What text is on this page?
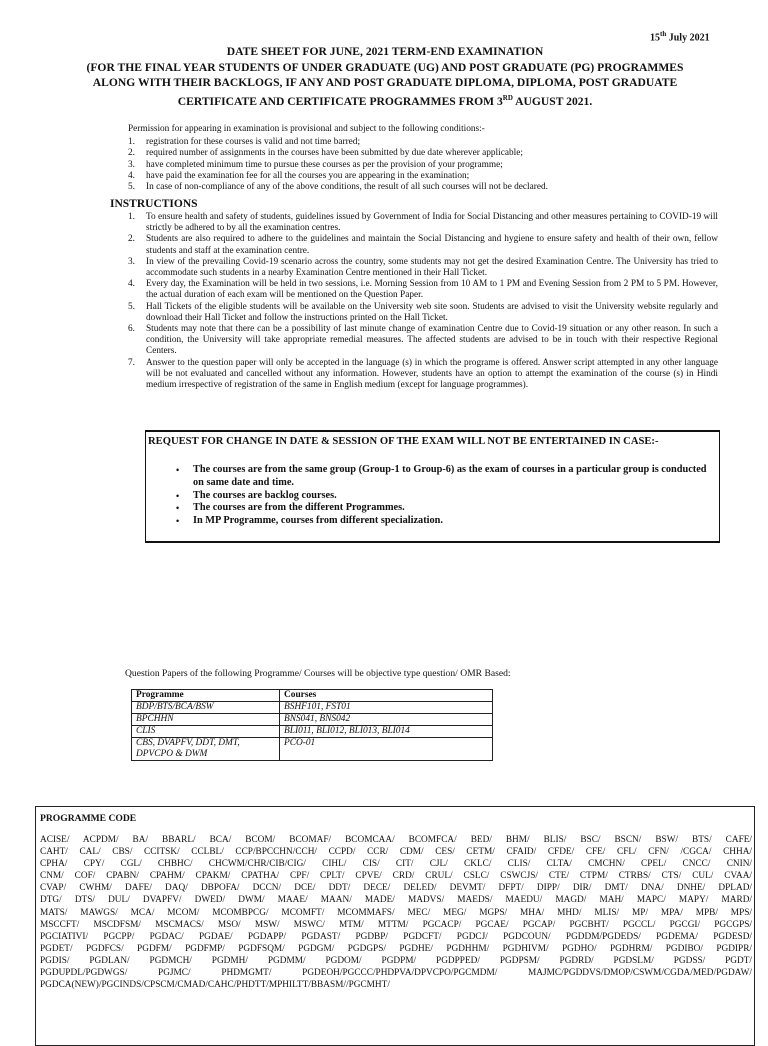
15th July 2021
DATE SHEET FOR JUNE, 2021 TERM-END EXAMINATION
(FOR THE FINAL YEAR STUDENTS OF UNDER GRADUATE (UG) AND POST GRADUATE (PG) PROGRAMMES
ALONG WITH THEIR BACKLOGS, IF ANY AND POST GRADUATE DIPLOMA, DIPLOMA, POST GRADUATE
CERTIFICATE AND CERTIFICATE PROGRAMMES FROM 3RD AUGUST 2021.
Permission for appearing in examination is provisional and subject to the following conditions:-
1.	registration for these courses is valid and not time barred;
2.	required number of assignments in the courses have been submitted by due date wherever applicable;
3.	have completed minimum time to pursue these courses as per the provision of your programme;
4.	have paid the examination fee for all the courses you are appearing in the examination;
5.	In case of non-compliance of any of the above conditions, the result of all such courses will not be declared.
INSTRUCTIONS
1.	To ensure health and safety of students, guidelines issued by Government of India for Social Distancing and other measures pertaining to COVID-19 will strictly be adhered to by all the examination centres.
2.	Students are also required to adhere to the guidelines and maintain the Social Distancing and hygiene to ensure safety and health of their own, fellow students and staff at the examination centre.
3.	In view of the prevailing Covid-19 scenario across the country, some students may not get the desired Examination Centre. The University has tried to accommodate such students in a nearby Examination Centre mentioned in their Hall Ticket.
4.	Every day, the Examination will be held in two sessions, i.e. Morning Session from 10 AM to 1 PM and Evening Session from 2 PM to 5 PM. However, the actual duration of each exam will be mentioned on the Question Paper.
5.	Hall Tickets of the eligible students will be available on the University web site soon. Students are advised to visit the University website regularly and download their Hall Ticket and follow the instructions printed on the Hall Ticket.
6.	Students may note that there can be a possibility of last minute change of examination Centre due to Covid-19 situation or any other reason. In such a condition, the University will take appropriate remedial measures. The affected students are advised to be in touch with their respective Regional Centers.
7.	Answer to the question paper will only be accepted in the language (s) in which the programe is offered. Answer script attempted in any other language will be not evaluated and cancelled without any information. However, students have an option to attempt the examination of the course (s) in Hindi medium irrespective of registration of the same in English medium (except for language programmes).
REQUEST FOR CHANGE IN DATE & SESSION OF THE EXAM WILL NOT BE ENTERTAINED IN CASE:-
•	The courses are from the same group (Group-1 to Group-6) as the exam of courses in a particular group is conducted on same date and time.
•	The courses are backlog courses.
•	The courses are from the different Programmes.
•	In MP Programme, courses from different specialization.
Question Papers of the following Programme/ Courses will be objective type question/ OMR Based:
Programme	Courses
BDP/BTS/BCA/BSW	BSHF101, FST01
BPCHHN	BNS041, BNS042
CLIS	BLI011, BLI012, BLI013, BLI014
CBS, DVAPFV, DDT, DMT, DPVCPO & DWM	PCO-01
PROGRAMME CODE
ACISE/ ACPDM/ BA/ BBARL/ BCA/ BCOM/ BCOMAF/ BCOMCAA/ BCOMFCA/ BED/ BHM/ BLIS/ BSC/ BSCN/ BSW/ BTS/ CAFE/
CAHT/ CAL/ CBS/ CCITSK/ CCLBL/ CCP/BPCCHN/CCH/ CCPD/ CCR/ CDM/ CES/ CETM/ CFAID/ CFDE/ CFE/ CFL/ CFN/ /CGCA/ CHHA/
CPHA/ CPY/ CGL/ CHBHC/ CHCWM/CHR/CIB/CIG/ CIHL/ CIS/ CIT/ CJL/ CKLC/ CLIS/ CLTA/ CMCHN/ CPEL/ CNCC/ CNIN/
CNM/ COF/ CPABN/ CPAHM/ CPAKM/ CPATHA/ CPF/ CPLT/ CPVE/ CRD/ CRUL/ CSLC/ CSWCJS/ CTE/ CTPM/ CTRBS/ CTS/ CUL/ CVAA/
CVAP/ CWHM/ DAFE/ DAQ/ DBPOFA/ DCCN/ DCE/ DDT/ DECE/ DELED/ DEVMT/ DFPT/ DIPP/ DIR/ DMT/ DNA/ DNHE/ DPLAD/
DTG/ DTS/ DUL/ DVAPFV/ DWED/ DWM/ MAAE/ MAAN/ MADE/ MADVS/ MAEDS/ MAEDU/ MAGD/ MAH/ MAPC/ MAPY/ MARD/
MATS/ MAWGS/ MCA/ MCOM/ MCOMBPCG/ MCOMFT/ MCOMMAFS/ MEC/ MEG/ MGPS/ MHA/ MHD/ MLIS/ MP/ MPA/ MPB/ MPS/
MSCCFT/ MSCDFSM/ MSCMACS/ MSO/ MSW/ MSWC/ MTM/ MTTM/ PGCACP/ PGCAE/ PGCAP/ PGCBHT/ PGCCL/ PGCGI/ PGCGPS/
PGCIATIVI/ PGCPP/ PGDAC/ PGDAE/ PGDAPP/ PGDAST/ PGDBP/ PGDCFT/ PGDCJ/ PGDCOUN/ PGDDM/PGDEDS/ PGDEMA/ PGDESD/
PGDET/ PGDFCS/ PGDFM/ PGDFMP/ PGDFSQM/ PGDGM/ PGDGPS/ PGDHE/ PGDHHM/ PGDHIVM/ PGDHO/ PGDHRM/ PGDIBO/ PGDIPR/
PGDIS/ PGDLAN/ PGDMCH/ PGDMH/ PGDMM/ PGDOM/ PGDPM/ PGDPPED/ PGDPSM/ PGDRD/ PGDSLM/ PGDSS/ PGDT/
PGDUPDL/PGDWGS/ PGJMC/ PHDMGMT/ PGDEOH/PGCCC/PHDPVA/DPVCPO/PGCMDM/ MAJMC/PGDDVS/DMOP/CSWM/CGDA/MED/PGDAW/
PGDCA(NEW)/PGCINDS/CPSCM/CMAD/CAHC/PHDTT/MPHILTT/BBASM//PGCMHT/
